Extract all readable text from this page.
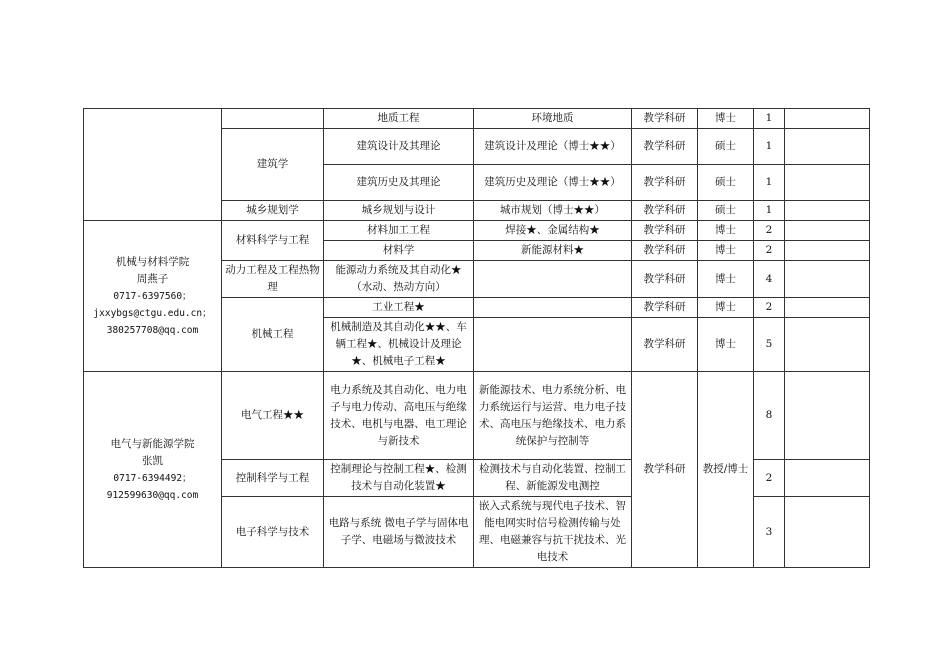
		地质工程	环境地质	教学科研	博士	1	
	建筑学	建筑设计及其理论	建筑设计及理论（博士★★）	教学科研	硕士	1	
		建筑历史及其理论	建筑历史及理论（博士★★）	教学科研	硕士	1	
	城乡规划学	城乡规划与设计	城市规划（博士★★）	教学科研	硕士	1	

机械与材料学院
周燕子
0717-6397560；
jxxybgs@ctgu.edu.cn；
380257708@qq.com	材料科学与工程	材料加工工程	焊接★、金属结构★	教学科研	博士	2	
		材料学	新能源材料★	教学科研	博士	2	
	动力工程及工程热物理	能源动力系统及其自动化★（水动、热动方向）		教学科研	博士	4	
	机械工程	工业工程★		教学科研	博士	2	
		机械制造及其自动化★★、车辆工程★、机械设计及理论★、机械电子工程★		教学科研	博士	5	

电气与新能源学院
张凯
0717-6394492；
912599630@qq.com	电气工程★★	电力系统及其自动化、电力电子与电力传动、高电压与绝缘技术、电机与电器、电工理论与新技术	新能源技术、电力系统分析、电力系统运行与运营、电力电子技术、高电压与绝缘技术、电力系统保护与控制等	教学科研	教授/博士	8	
	控制科学与工程	控制理论与控制工程★、检测技术与自动化装置★	检测技术与自动化装置、控制工程、新能源发电测控			2	
	电子科学与技术	电路与系统 微电子学与固体电子学、电磁场与微波技术	嵌入式系统与现代电子技术、智能电网实时信号检测传输与处理、电磁兼容与抗干扰技术、光电技术			3	
